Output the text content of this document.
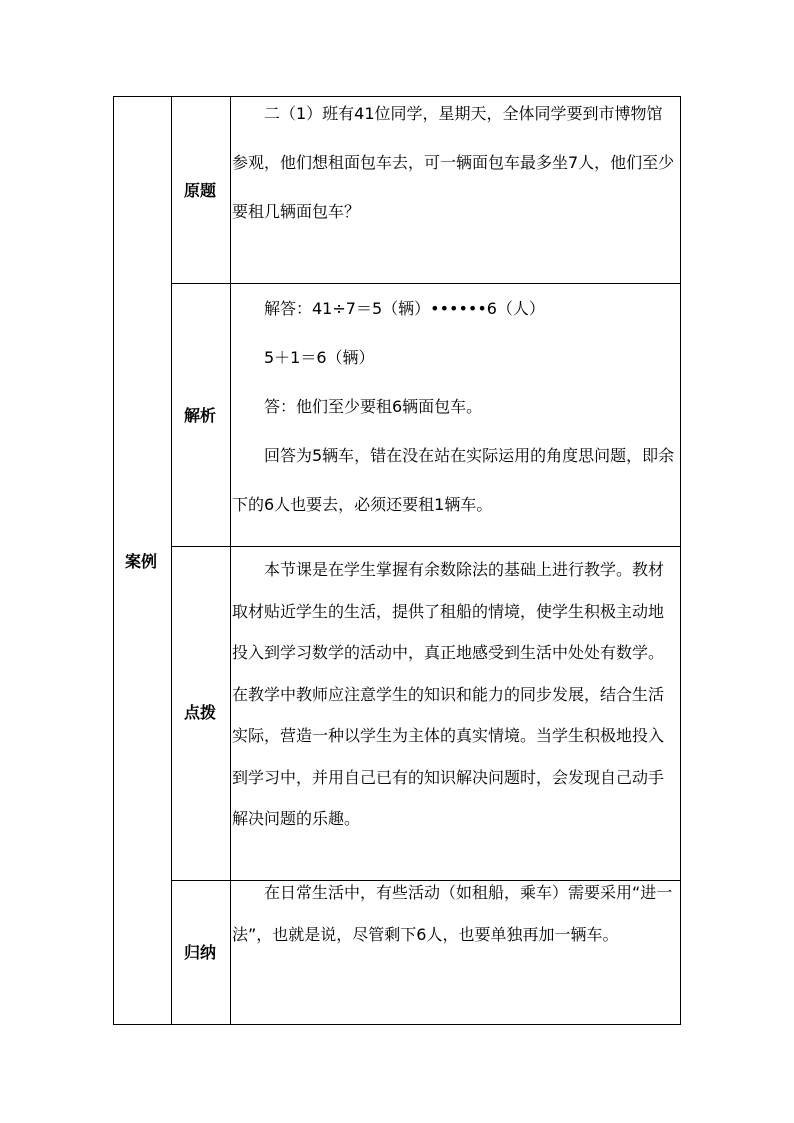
案例
原题

二（1）班有41位同学，星期天，全体同学要到市博物馆参观，他们想租面包车去，可一辆面包车最多坐7人，他们至少要租几辆面包车？

解析

解答：41÷7＝5（辆）••••••6（人）

5＋1＝6（辆）

答：他们至少要租6辆面包车。

回答为5辆车，错在没在站在实际运用的角度思问题，即余下的6人也要去，必须还要租1辆车。

点拨

本节课是在学生掌握有余数除法的基础上进行教学。教材取材贴近学生的生活，提供了租船的情境，使学生积极主动地投入到学习数学的活动中，真正地感受到生活中处处有数学。在教学中教师应注意学生的知识和能力的同步发展，结合生活实际，营造一种以学生为主体的真实情境。当学生积极地投入到学习中，并用自己已有的知识解决问题时，会发现自己动手解决问题的乐趣。

归纳

在日常生活中，有些活动（如租船，乘车）需要采用“进一法”，也就是说，尽管剩下6人，也要单独再加一辆车。
